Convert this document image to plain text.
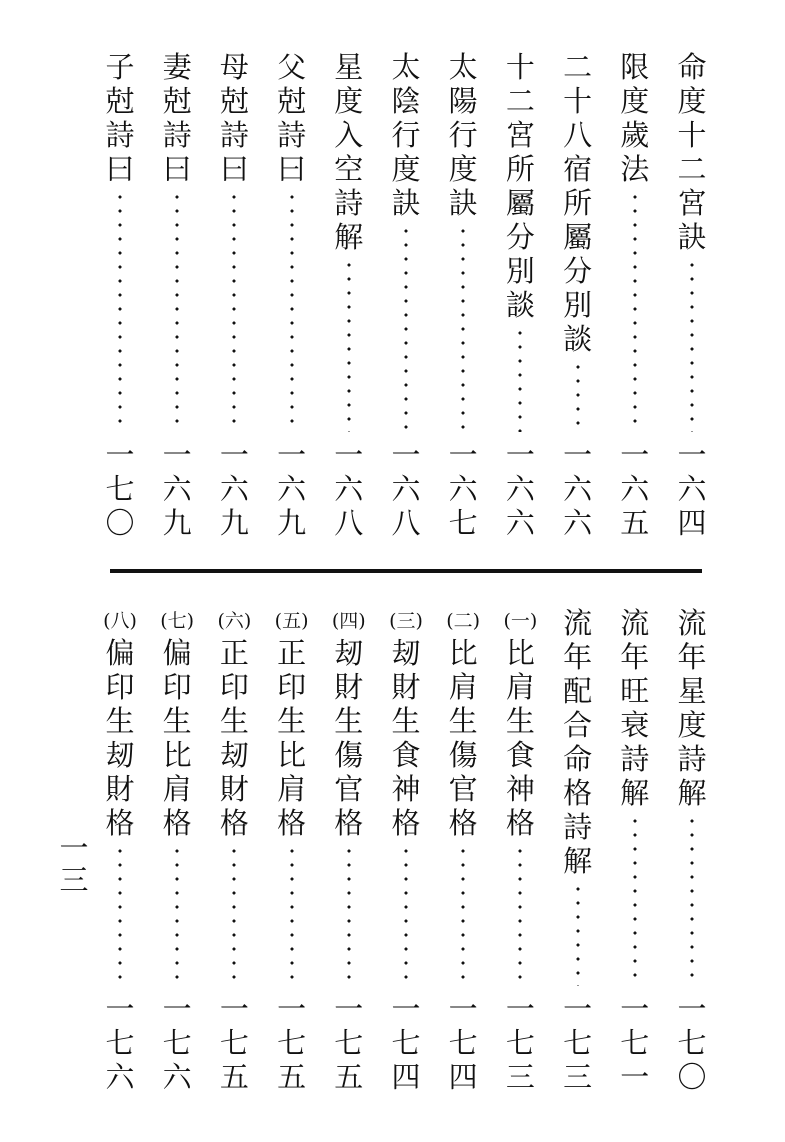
命
度
十
二
宮
訣
一
六
四
限
度
歲
法
一
六
五
二
十
八
宿
所
屬
分
別
談
一
六
六
十
二
宮
所
屬
分
別
談
一
六
六
太
陽
行
度
訣
一
六
七
太
陰
行
度
訣
一
六
八
星
度
入
空
詩
解
一
六
八
父
尅
詩
曰
一
六
九
母
尅
詩
曰
一
六
九
妻
尅
詩
曰
一
六
九
子
尅
詩
曰
一
七
〇
流
年
星
度
詩
解
一
七
〇
流
年
旺
衰
詩
解
一
七
一
流
年
配
合
命
格
詩
解
一
七
三
(一)
比
肩
生
食
神
格
一
七
三
(二)
比
肩
生
傷
官
格
一
七
四
(三)
刼
財
生
食
神
格
一
七
四
(四)
刼
財
生
傷
官
格
一
七
五
(五)
正
印
生
比
肩
格
一
七
五
(六)
正
印
生
刼
財
格
一
七
五
(七)
偏
印
生
比
肩
格
一
七
六
(八)
偏
印
生
刼
財
格
一
七
六
一
三
